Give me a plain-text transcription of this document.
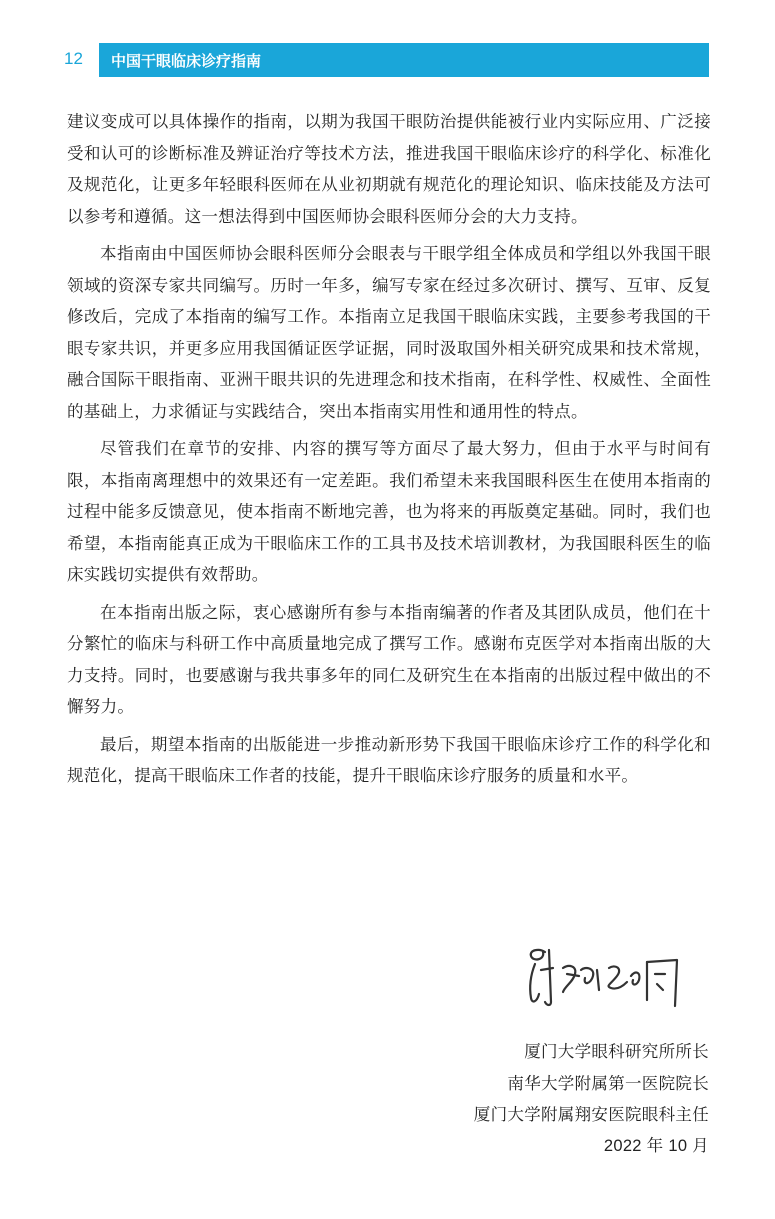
12 中国干眼临床诊疗指南

建议变成可以具体操作的指南，以期为我国干眼防治提供能被行业内实际应用、广泛接受和认可的诊断标准及辨证治疗等技术方法，推进我国干眼临床诊疗的科学化、标准化及规范化，让更多年轻眼科医师在从业初期就有规范化的理论知识、临床技能及方法可以参考和遵循。这一想法得到中国医师协会眼科医师分会的大力支持。

本指南由中国医师协会眼科医师分会眼表与干眼学组全体成员和学组以外我国干眼领域的资深专家共同编写。历时一年多，编写专家在经过多次研讨、撰写、互审、反复修改后，完成了本指南的编写工作。本指南立足我国干眼临床实践，主要参考我国的干眼专家共识，并更多应用我国循证医学证据，同时汲取国外相关研究成果和技术常规，融合国际干眼指南、亚洲干眼共识的先进理念和技术指南，在科学性、权威性、全面性的基础上，力求循证与实践结合，突出本指南实用性和通用性的特点。

尽管我们在章节的安排、内容的撰写等方面尽了最大努力，但由于水平与时间有限，本指南离理想中的效果还有一定差距。我们希望未来我国眼科医生在使用本指南的过程中能多反馈意见，使本指南不断地完善，也为将来的再版奠定基础。同时，我们也希望，本指南能真正成为干眼临床工作的工具书及技术培训教材，为我国眼科医生的临床实践切实提供有效帮助。

在本指南出版之际，衷心感谢所有参与本指南编著的作者及其团队成员，他们在十分繁忙的临床与科研工作中高质量地完成了撰写工作。感谢布克医学对本指南出版的大力支持。同时，也要感谢与我共事多年的同仁及研究生在本指南的出版过程中做出的不懈努力。

最后，期望本指南的出版能进一步推动新形势下我国干眼临床诊疗工作的科学化和规范化，提高干眼临床工作者的技能，提升干眼临床诊疗服务的质量和水平。

厦门大学眼科研究所所长
南华大学附属第一医院院长
厦门大学附属翔安医院眼科主任
2022 年 10 月
